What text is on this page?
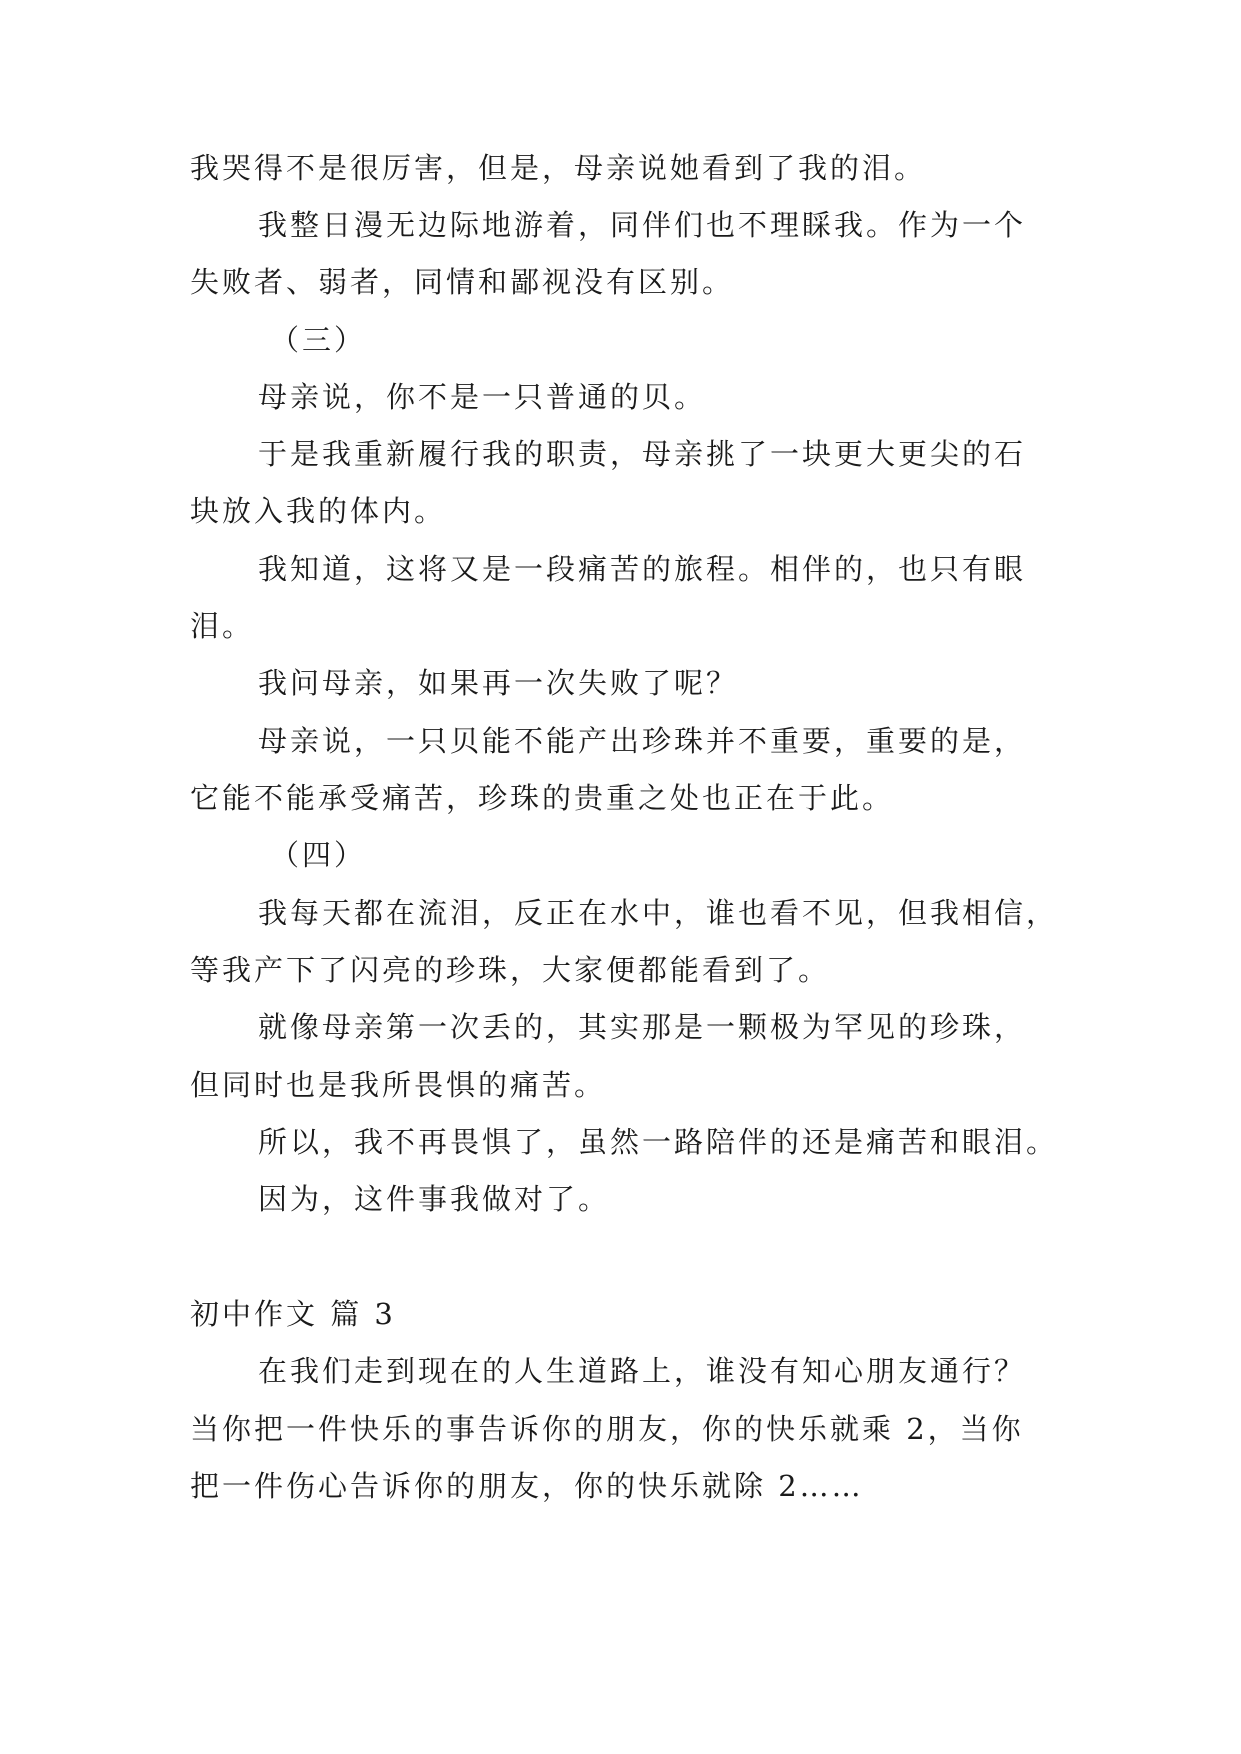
我哭得不是很厉害，但是，母亲说她看到了我的泪。

我整日漫无边际地游着，同伴们也不理睬我。作为一个

失败者、弱者，同情和鄙视没有区别。

（三）

母亲说，你不是一只普通的贝。

于是我重新履行我的职责，母亲挑了一块更大更尖的石

块放入我的体内。

我知道，这将又是一段痛苦的旅程。相伴的，也只有眼

泪。

我问母亲，如果再一次失败了呢？

母亲说，一只贝能不能产出珍珠并不重要，重要的是，

它能不能承受痛苦，珍珠的贵重之处也正在于此。

（四）

我每天都在流泪，反正在水中，谁也看不见，但我相信，

等我产下了闪亮的珍珠，大家便都能看到了。

就像母亲第一次丢的，其实那是一颗极为罕见的珍珠，

但同时也是我所畏惧的痛苦。

所以，我不再畏惧了，虽然一路陪伴的还是痛苦和眼泪。

因为，这件事我做对了。

初中作文 篇 3

在我们走到现在的人生道路上，谁没有知心朋友通行？

当你把一件快乐的事告诉你的朋友，你的快乐就乘 2，当你

把一件伤心告诉你的朋友，你的快乐就除 2……
